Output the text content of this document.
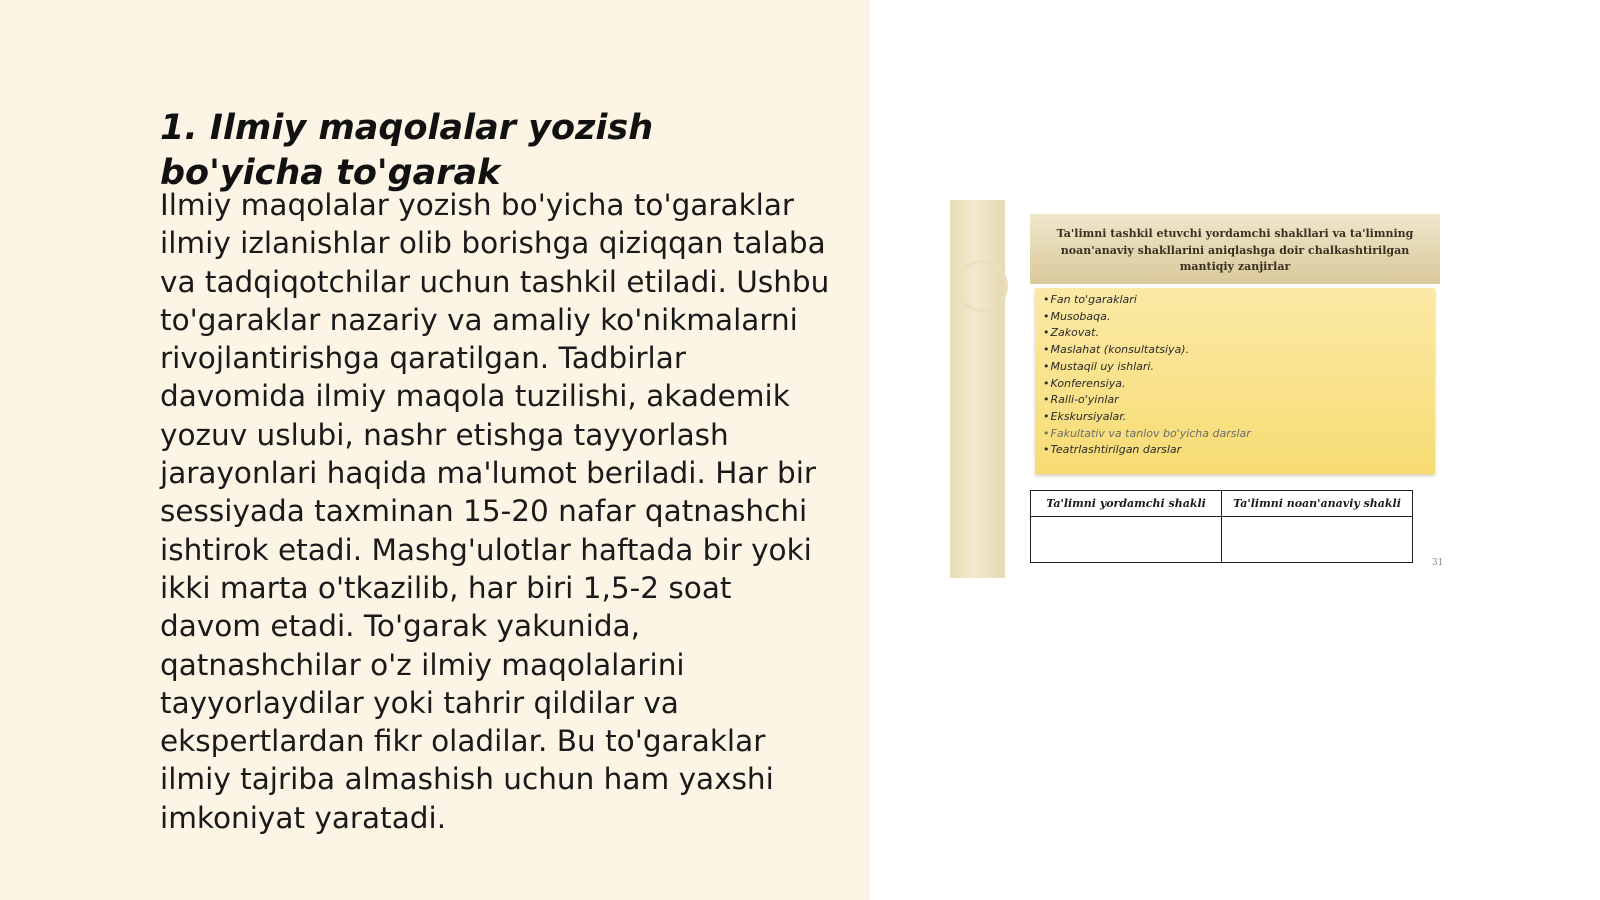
1. Ilmiy maqolalar yozish bo'yicha to'garak

Ilmiy maqolalar yozish bo'yicha to'garaklar ilmiy izlanishlar olib borishga qiziqqan talaba va tadqiqotchilar uchun tashkil etiladi. Ushbu to'garaklar nazariy va amaliy ko'nikmalarni rivojlantirishga qaratilgan. Tadbirlar davomida ilmiy maqola tuzilishi, akademik yozuv uslubi, nashr etishga tayyorlash jarayonlari haqida ma'lumot beriladi. Har bir sessiyada taxminan 15-20 nafar qatnashchi ishtirok etadi. Mashg'ulotlar haftada bir yoki ikki marta o'tkazilib, har biri 1,5-2 soat davom etadi. To'garak yakunida, qatnashchilar o'z ilmiy maqolalarini tayyorlaydilar yoki tahrir qildilar va ekspertlardan fikr oladilar. Bu to'garaklar ilmiy tajriba almashish uchun ham yaxshi imkoniyat yaratadi.

Ta'limni tashkil etuvchi yordamchi shakllari va ta'limning noan'anaviy shakllarini aniqlashga doir chalkashtirilgan mantiqiy zanjirlar
• Fan to'garaklari
• Musobaqa.
• Zakovat.
• Maslahat (konsultatsiya).
• Mustaqil uy ishlari.
• Konferensiya.
• Ralli-o'yinlar
• Ekskursiyalar.
• Fakultativ va tanlov bo'yicha darslar
• Teatrlashtirilgan darslar
Ta'limni yordamchi shakli	Ta'limni noan'anaviy shakli

31
